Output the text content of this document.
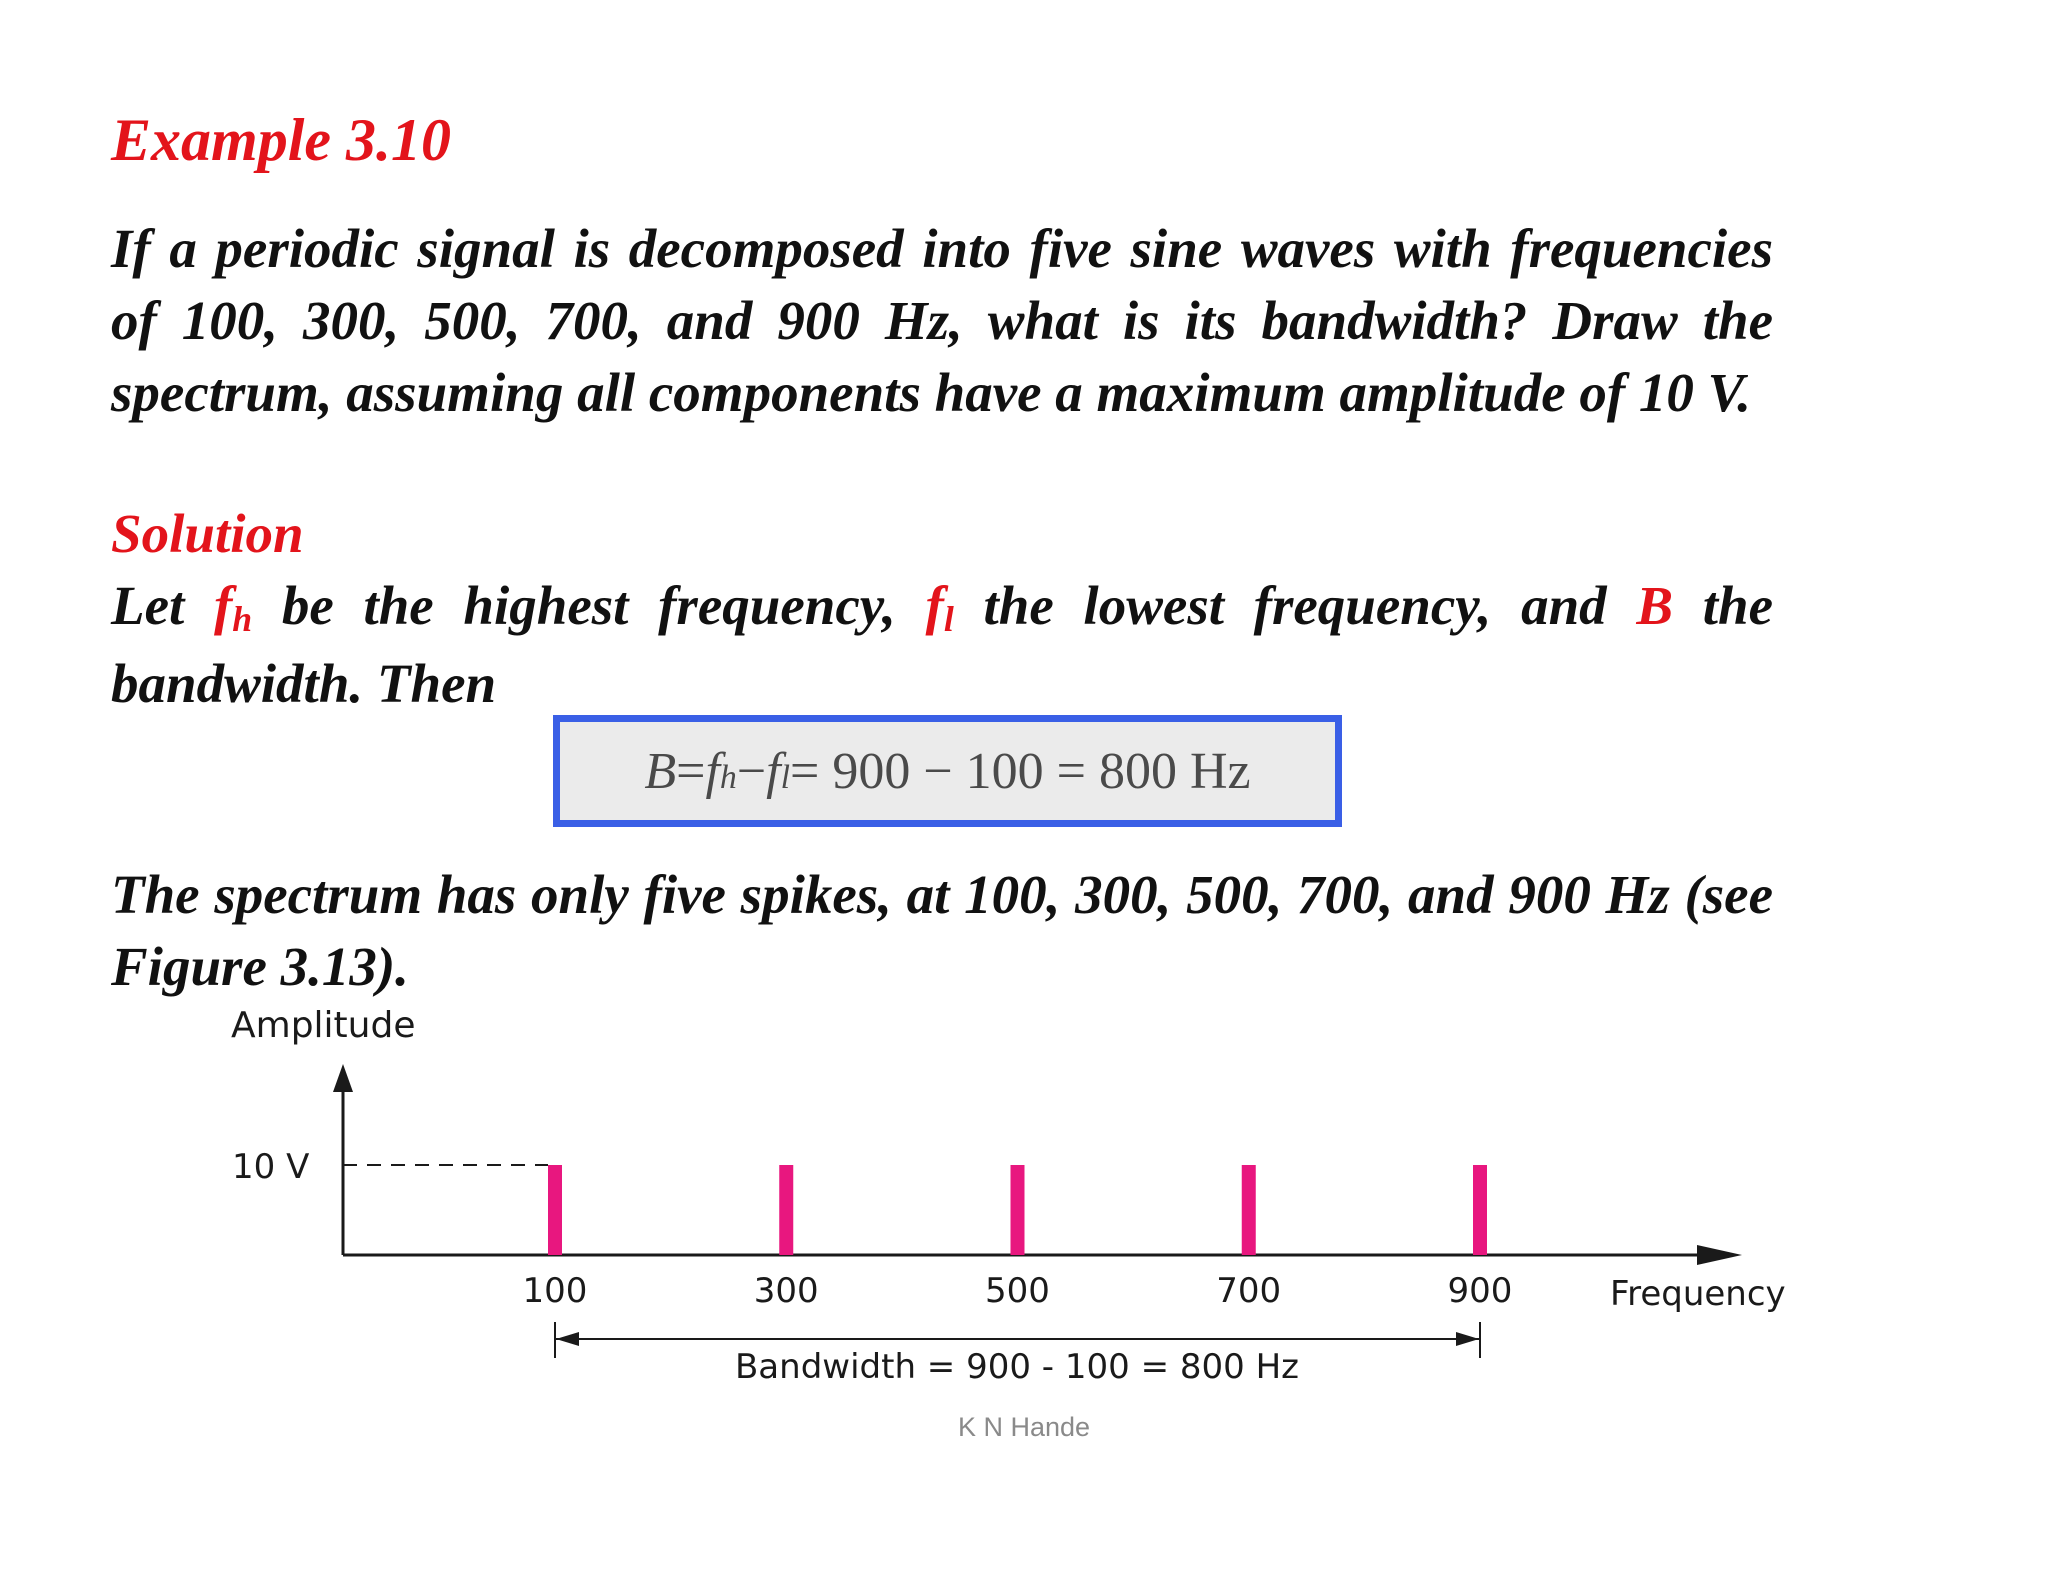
Example 3.10

If a periodic signal is decomposed into five sine waves with frequencies of 100, 300, 500, 700, and 900 Hz, what is its bandwidth? Draw the spectrum, assuming all components have a maximum amplitude of 10 V.

Solution

Let fh be the highest frequency, fl the lowest frequency, and B the bandwidth. Then

B = f h − f l = 900 − 100 = 800 Hz

The spectrum has only five spikes, at 100, 300, 500, 700, and 900 Hz (see Figure 3.13).

Amplitude
Frequency
10 V
100	300	500	700	900
Bandwidth = 900 - 100 = 800 Hz
K N Hande
